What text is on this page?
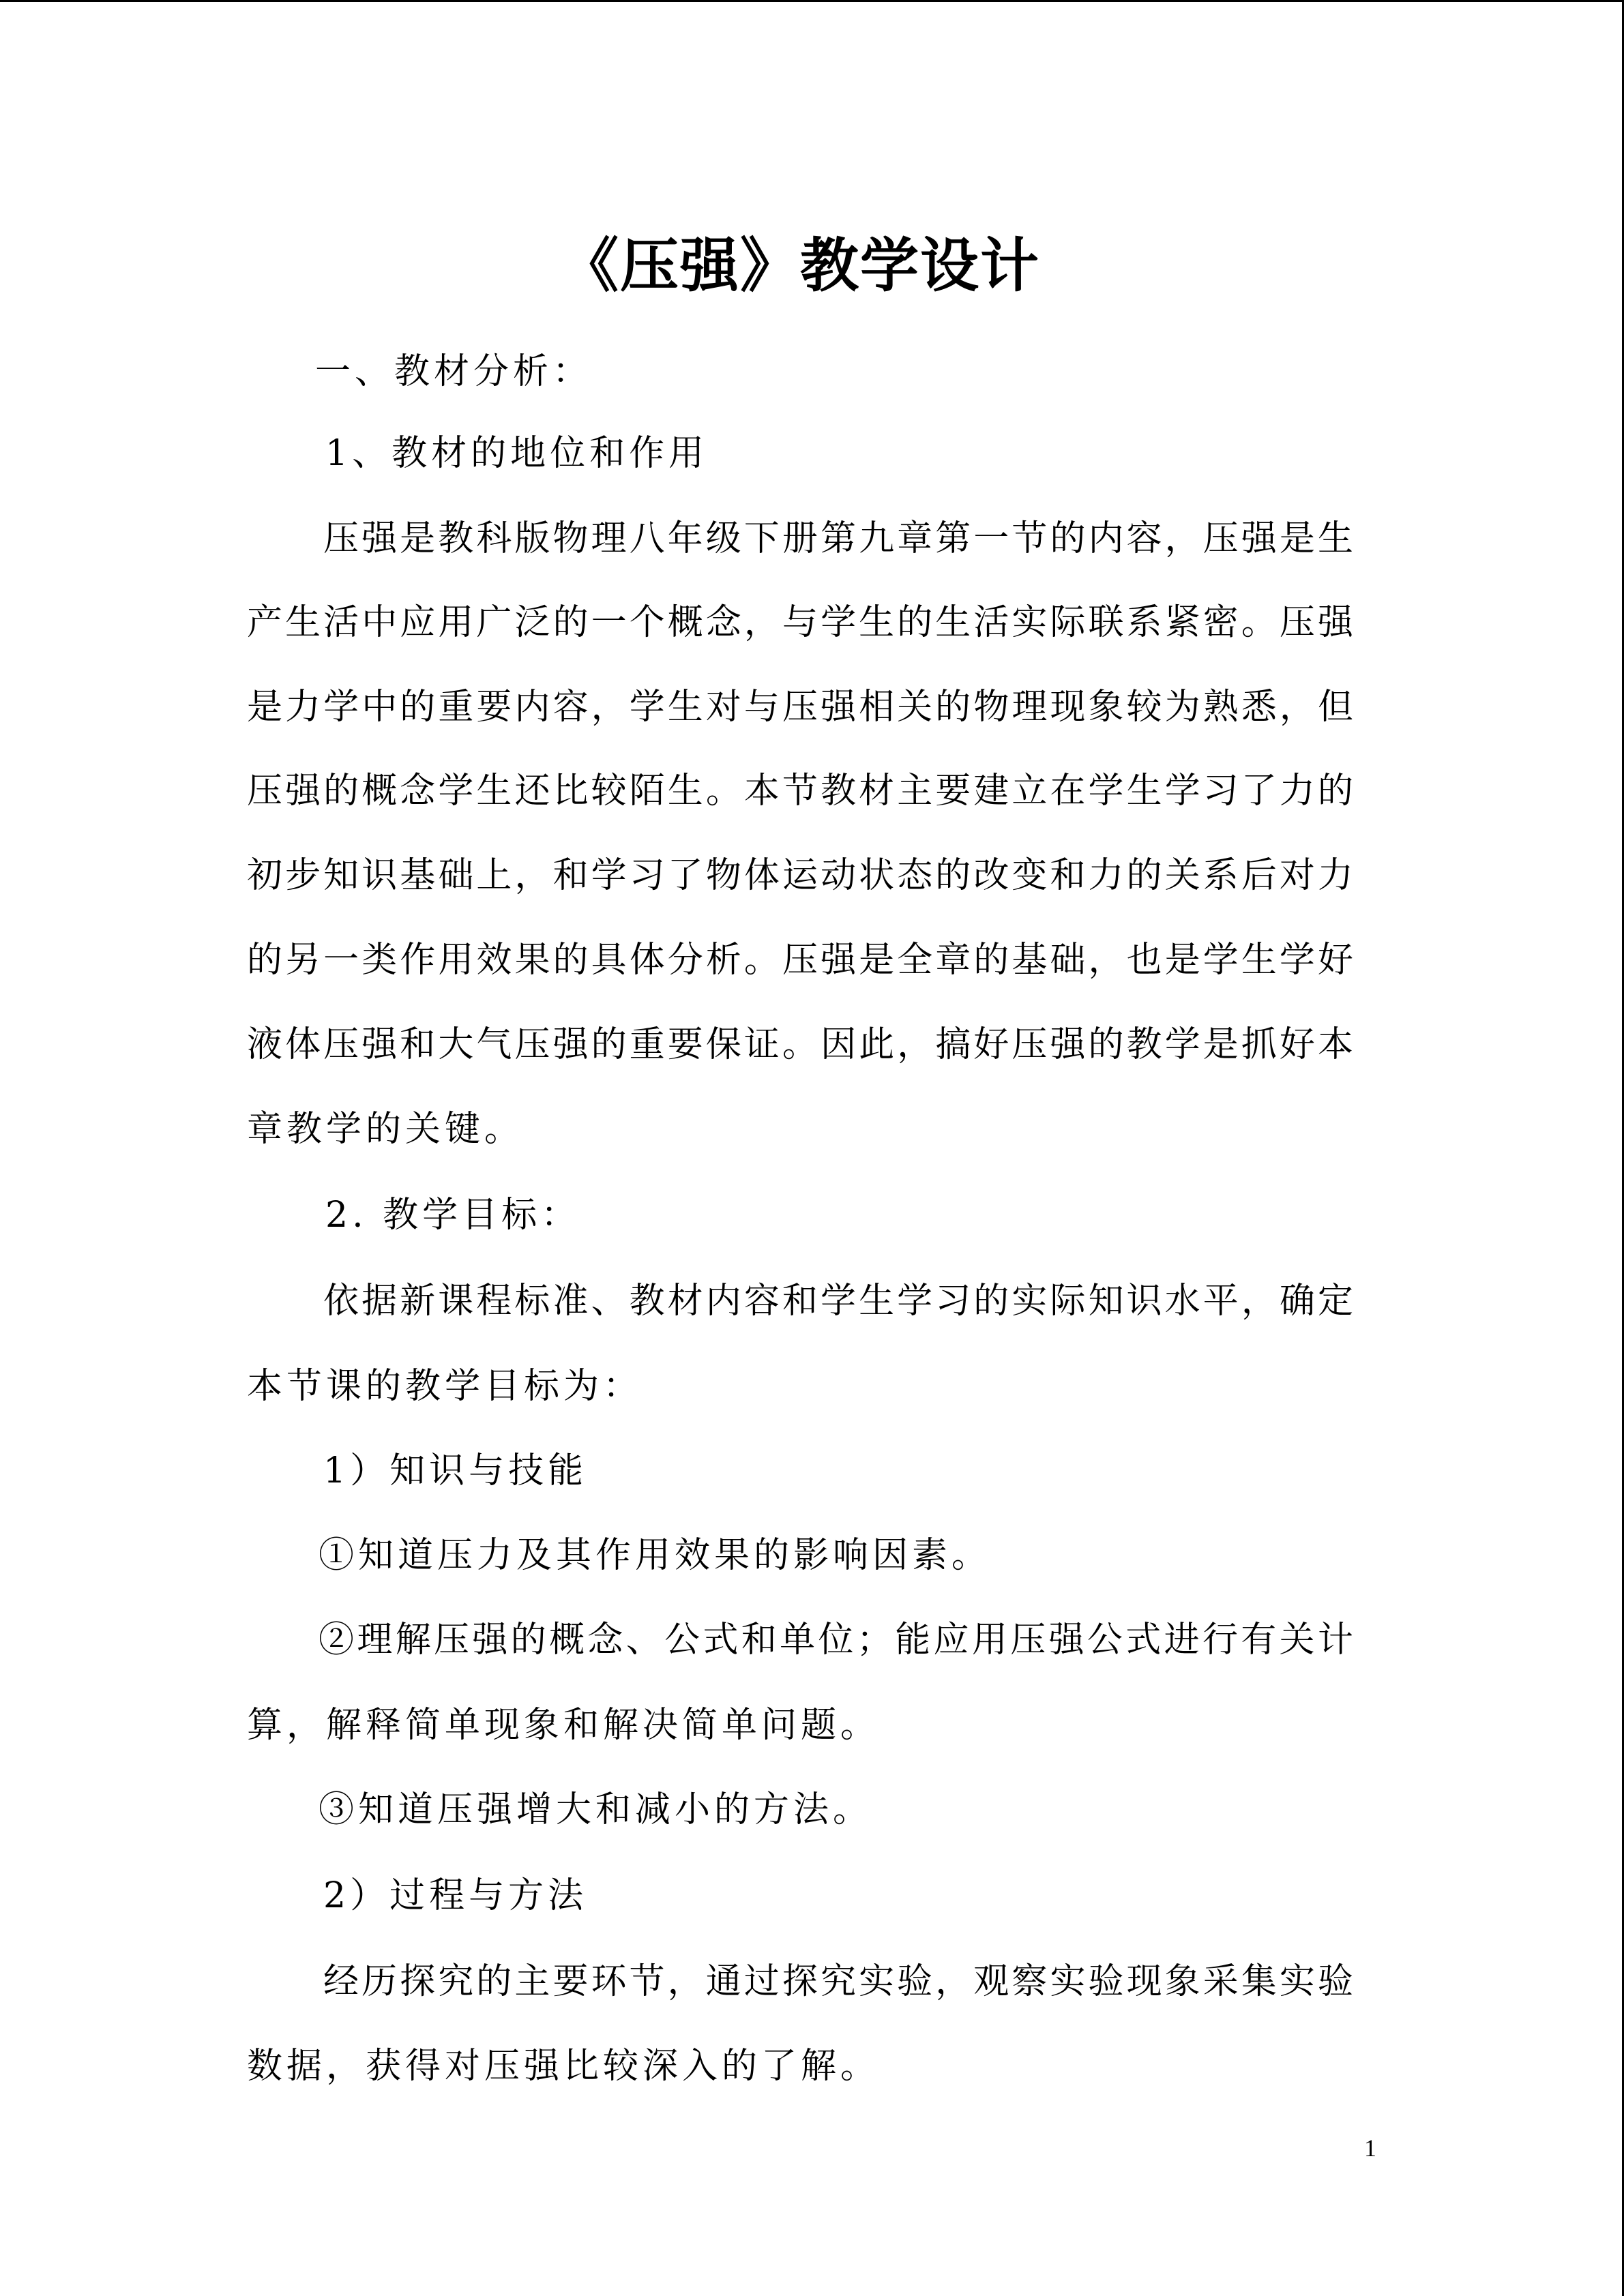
《压强》教学设计
一、教材分析：
1、教材的地位和作用
压强是教科版物理八年级下册第九章第一节的内容，压强是生
产生活中应用广泛的一个概念，与学生的生活实际联系紧密。压强
是力学中的重要内容，学生对与压强相关的物理现象较为熟悉，但
压强的概念学生还比较陌生。本节教材主要建立在学生学习了力的
初步知识基础上，和学习了物体运动状态的改变和力的关系后对力
的另一类作用效果的具体分析。压强是全章的基础，也是学生学好
液体压强和大气压强的重要保证。因此，搞好压强的教学是抓好本
章教学的关键。
2. 教学目标：
依据新课程标准、教材内容和学生学习的实际知识水平，确定
本节课的教学目标为：
1）知识与技能
①知道压力及其作用效果的影响因素。
②理解压强的概念、公式和单位；能应用压强公式进行有关计
算，解释简单现象和解决简单问题。
③知道压强增大和减小的方法。
2）过程与方法
经历探究的主要环节，通过探究实验，观察实验现象采集实验
数据，获得对压强比较深入的了解。
1
